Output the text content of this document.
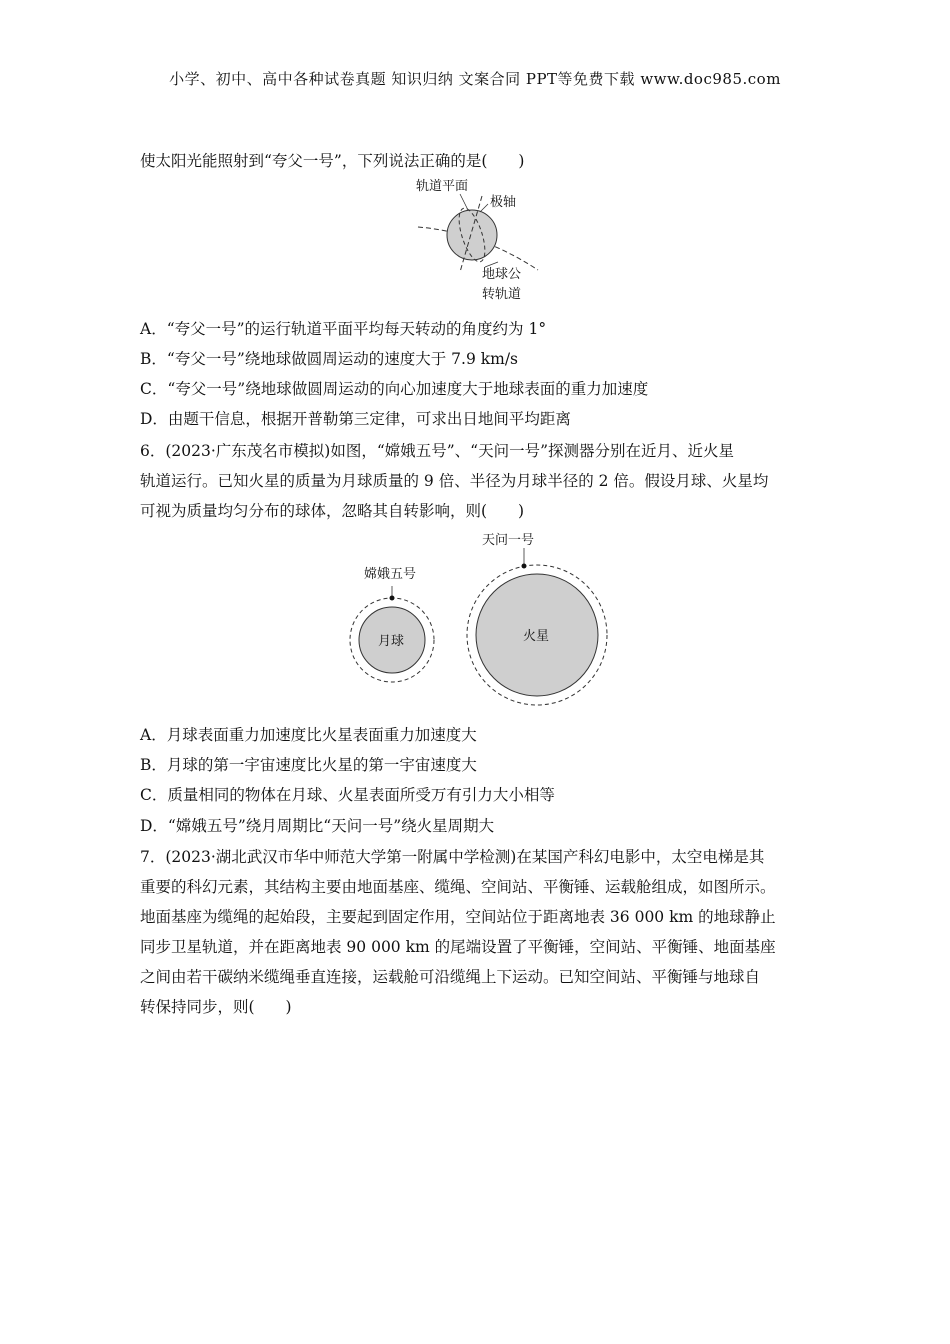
小学、初中、高中各种试卷真题 知识归纳 文案合同 PPT等免费下载 www.doc985.com
使太阳光能照射到“夸父一号”，下列说法正确的是(　　)
轨道平面
极轴
地球公
转轨道
A．“夸父一号”的运行轨道平面平均每天转动的角度约为 1°
B．“夸父一号”绕地球做圆周运动的速度大于 7.9 km/s
C．“夸父一号”绕地球做圆周运动的向心加速度大于地球表面的重力加速度
D．由题干信息，根据开普勒第三定律，可求出日地间平均距离
6．(2023·广东茂名市模拟)如图，“嫦娥五号”、“天问一号”探测器分别在近月、近火星
轨道运行。已知火星的质量为月球质量的 9 倍、半径为月球半径的 2 倍。假设月球、火星均
可视为质量均匀分布的球体，忽略其自转影响，则(　　)
嫦娥五号
月球
天问一号
火星
A．月球表面重力加速度比火星表面重力加速度大
B．月球的第一宇宙速度比火星的第一宇宙速度大
C．质量相同的物体在月球、火星表面所受万有引力大小相等
D．“嫦娥五号”绕月周期比“天问一号”绕火星周期大
7．(2023·湖北武汉市华中师范大学第一附属中学检测)在某国产科幻电影中，太空电梯是其
重要的科幻元素，其结构主要由地面基座、缆绳、空间站、平衡锤、运载舱组成，如图所示。
地面基座为缆绳的起始段，主要起到固定作用，空间站位于距离地表 36 000 km 的地球静止
同步卫星轨道，并在距离地表 90 000 km 的尾端设置了平衡锤，空间站、平衡锤、地面基座
之间由若干碳纳米缆绳垂直连接，运载舱可沿缆绳上下运动。已知空间站、平衡锤与地球自
转保持同步，则(　　)
